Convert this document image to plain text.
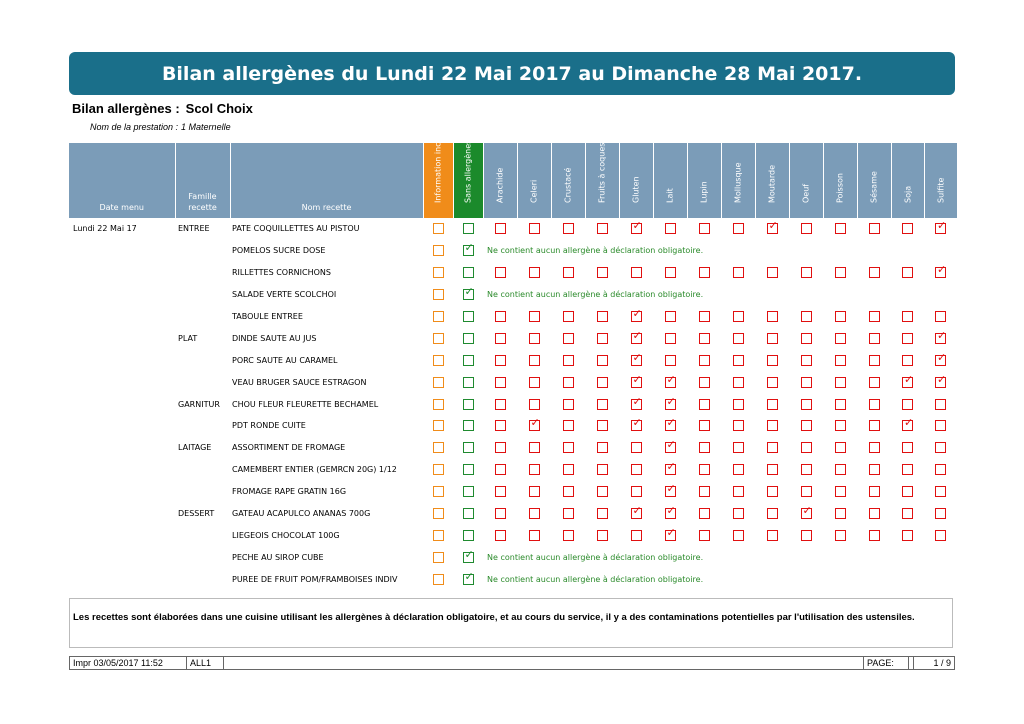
Bilan allergènes du Lundi 22 Mai 2017 au Dimanche 28 Mai 2017.
Bilan allergènes : Scol Choix
Nom de la prestation : 1 Maternelle
Date menu	Famille recette	Nom recette	Information incomplète	Sans allergènes	Arachide	Celeri	Crustacé	Fruits à coques	Gluten	Lait	Lupin	Mollusque	Moutarde	Oeuf	Poisson	Sésame	Soja	Sulfite

Lundi 22 Mai 17	ENTREE	PATE COQUILLETTES AU PISTOU							✓				✓					✓

		POMELOS SUCRE DOSE		✓	Ne contient aucun allergène à déclaration obligatoire.													
		RILLETTES CORNICHONS																✓

		SALADE VERTE SCOLCHOI		✓	Ne contient aucun allergène à déclaration obligatoire.													
		TABOULE ENTREE							✓									

	PLAT	DINDE SAUTE AU JUS							✓									✓

		PORC SAUTE AU CARAMEL							✓									✓

		VEAU BRUGER SAUCE ESTRAGON							✓	✓							✓	✓

	GARNITUR	CHOU FLEUR FLEURETTE BECHAMEL							✓	✓								

		PDT RONDE CUITE				✓			✓	✓							✓	

	LAITAGE	ASSORTIMENT DE FROMAGE								✓								

		CAMEMBERT ENTIER (GEMRCN 20G) 1/12								✓								

		FROMAGE RAPE GRATIN 16G								✓								

	DESSERT	GATEAU ACAPULCO ANANAS 700G							✓	✓				✓				

		LIEGEOIS CHOCOLAT 100G								✓								

		PECHE AU SIROP CUBE		✓	Ne contient aucun allergène à déclaration obligatoire.													
		PUREE DE FRUIT POM/FRAMBOISES INDIV		✓	Ne contient aucun allergène à déclaration obligatoire.													
Les recettes sont élaborées dans une cuisine utilisant les allergènes à déclaration obligatoire, et au cours du service, il y a des contaminations potentielles par l'utilisation des ustensiles.
Impr 03/05/2017 11:52	ALL1	PAGE:	1 / 9
